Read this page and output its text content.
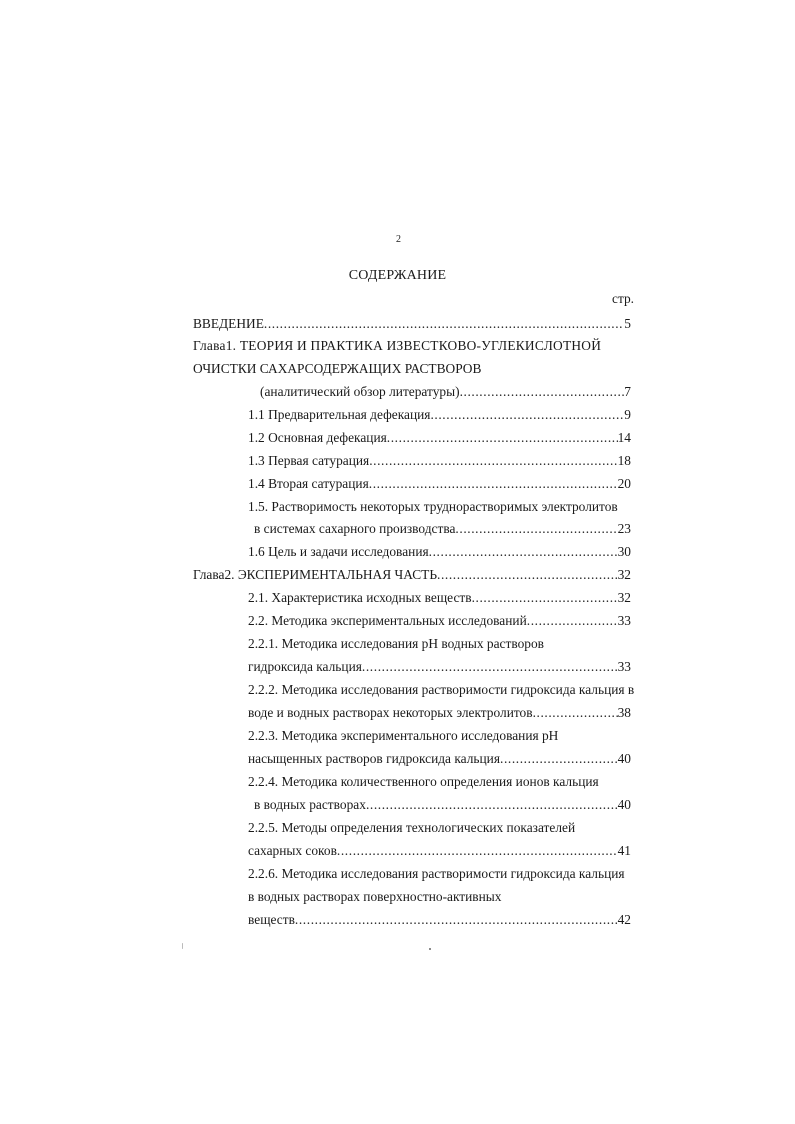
2
СОДЕРЖАНИЕ
стр.
ВВЕДЕНИЕ .....	5
Глава1. ТЕОРИЯ И ПРАКТИКА ИЗВЕСТКОВО-УГЛЕКИСЛОТНОЙ
ОЧИСТКИ САХАРСОДЕРЖАЩИХ РАСТВОРОВ
(аналитический обзор литературы) .....	7
1.1 Предварительная дефекация .....	9
1.2 Основная дефекация .....	14
1.3 Первая сатурация .....	18
1.4 Вторая сатурация .....	20
1.5. Растворимость некоторых труднорастворимых электролитов
в системах сахарного производства .....	23
1.6 Цель и задачи исследования .....	30
Глава2. ЭКСПЕРИМЕНТАЛЬНАЯ ЧАСТЬ .....	32
2.1. Характеристика исходных веществ .....	32
2.2. Методика экспериментальных исследований .....	33
2.2.1. Методика исследования pH водных растворов
гидроксида кальция .....	33
2.2.2. Методика исследования растворимости гидроксида кальция в
воде и водных растворах некоторых электролитов .....	38
2.2.3. Методика экспериментального исследования pH
насыщенных растворов гидроксида кальция .....	40
2.2.4. Методика количественного определения ионов кальция
в водных растворах .....	40
2.2.5. Методы определения технологических показателей
сахарных соков .....	41
2.2.6. Методика исследования растворимости гидроксида кальция
в водных растворах поверхностно-активных
веществ .....	42
